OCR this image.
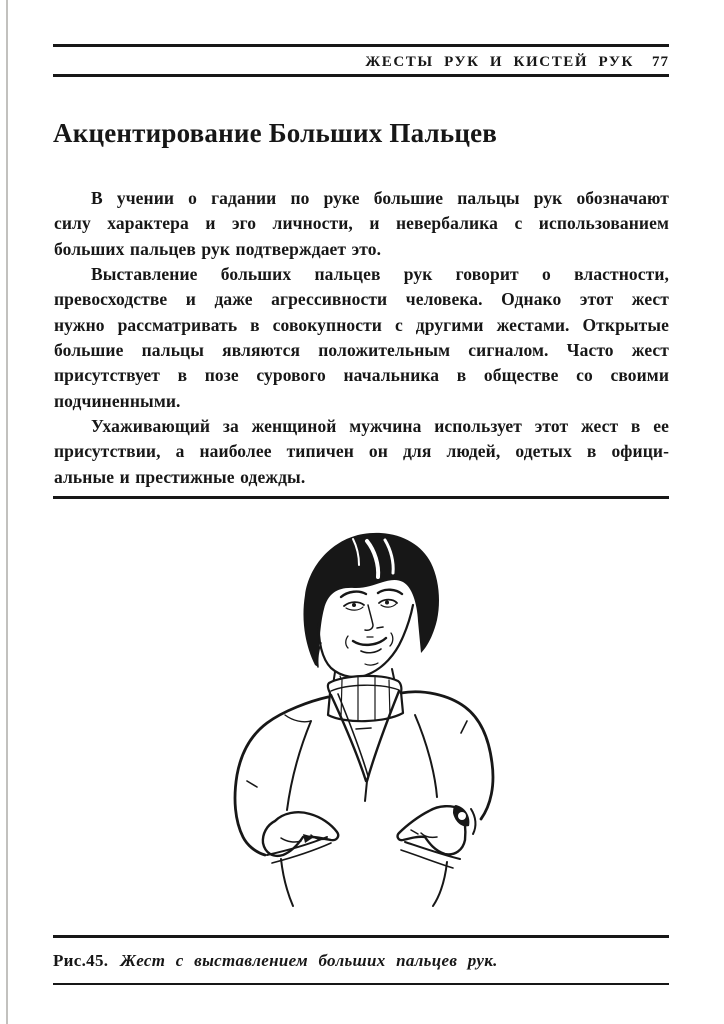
ЖЕСТЫ РУК И КИСТЕЙ РУК 77
Акцентирование Больших Пальцев
В учении о гадании по руке большие пальцы рук обозначают
силу характера и эго личности, и невербалика с использованием
больших пальцев рук подтверждает это.
Выставление больших пальцев рук говорит о властности,
превосходстве и даже агрессивности человека. Однако этот жест
нужно рассматривать в совокупности с другими жестами. Открытые
большие пальцы являются положительным сигналом. Часто жест
присутствует в позе сурового начальника в обществе со своими
подчиненными.
Ухаживающий за женщиной мужчина использует этот жест в ее
присутствии, а наиболее типичен он для людей, одетых в офици-
альные и престижные одежды.
Рис.45. Жест с выставлением больших пальцев рук.
